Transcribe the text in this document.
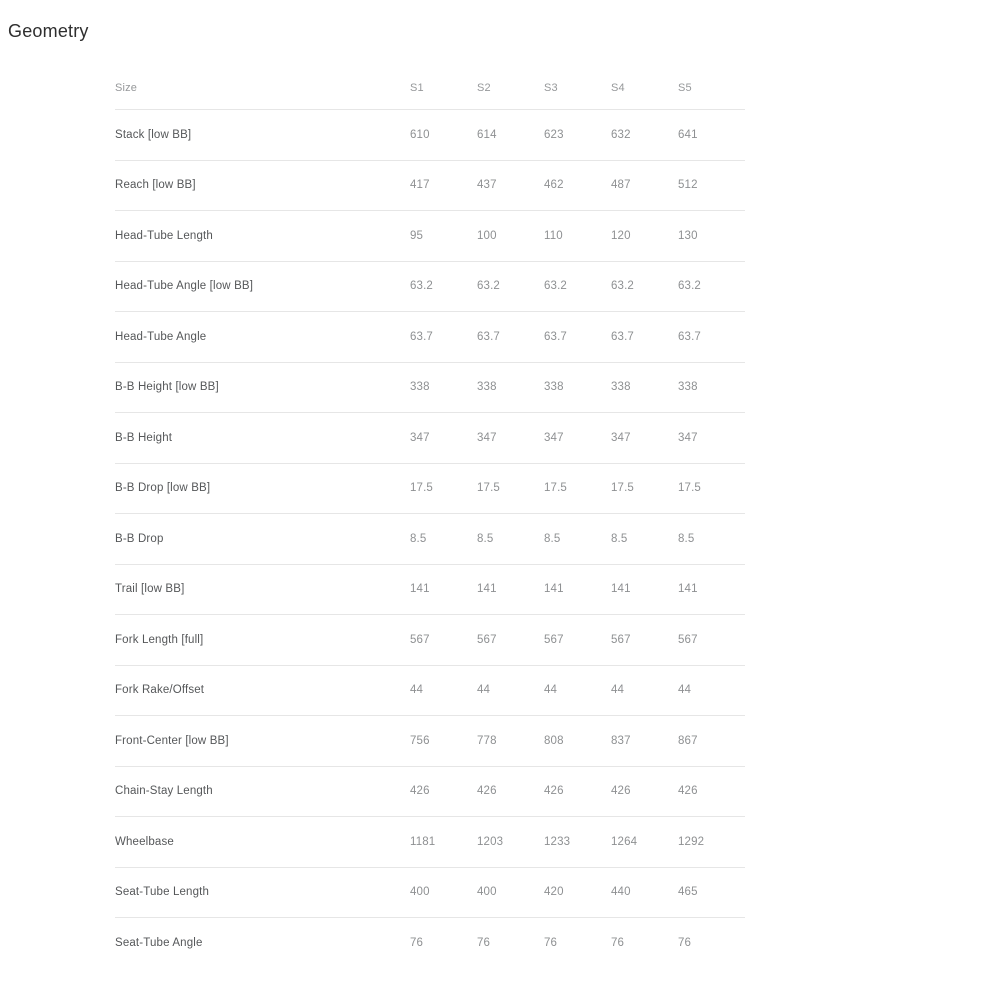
Geometry
Size	S1	S2	S3	S4	S5
Stack [low BB]	610	614	623	632	641
Reach [low BB]	417	437	462	487	512
Head-Tube Length	95	100	110	120	130
Head-Tube Angle [low BB]	63.2	63.2	63.2	63.2	63.2
Head-Tube Angle	63.7	63.7	63.7	63.7	63.7
B-B Height [low BB]	338	338	338	338	338
B-B Height	347	347	347	347	347
B-B Drop [low BB]	17.5	17.5	17.5	17.5	17.5
B-B Drop	8.5	8.5	8.5	8.5	8.5
Trail [low BB]	141	141	141	141	141
Fork Length [full]	567	567	567	567	567
Fork Rake/Offset	44	44	44	44	44
Front-Center [low BB]	756	778	808	837	867
Chain-Stay Length	426	426	426	426	426
Wheelbase	1181	1203	1233	1264	1292
Seat-Tube Length	400	400	420	440	465
Seat-Tube Angle	76	76	76	76	76
